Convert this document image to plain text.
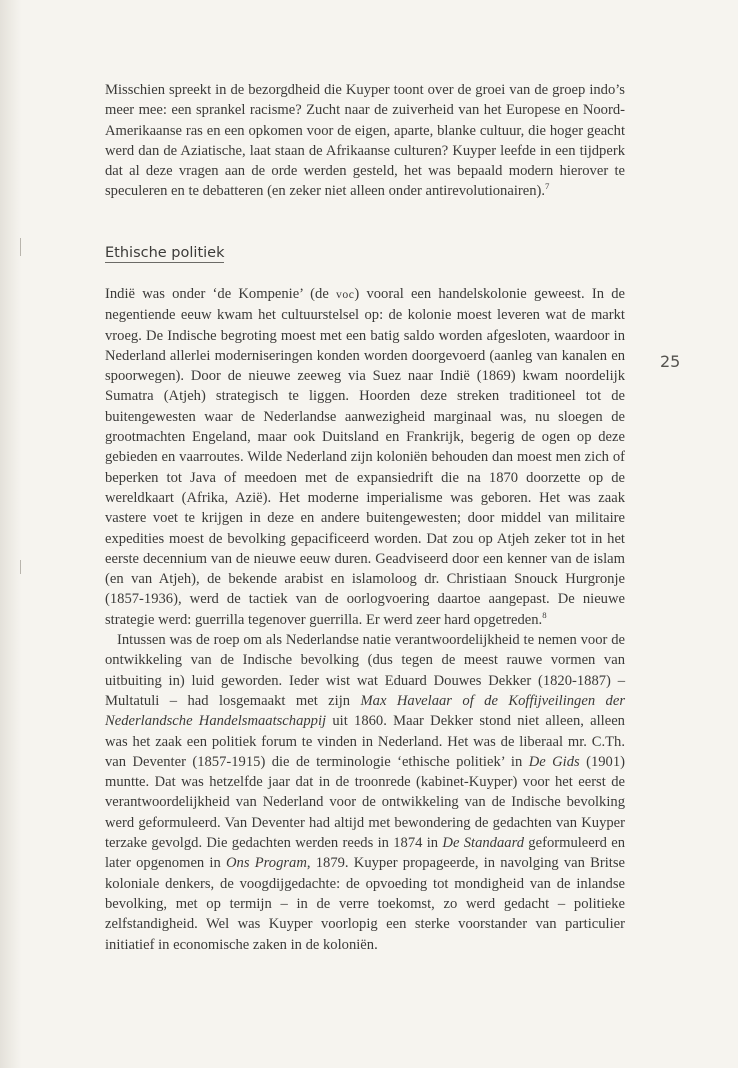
Misschien spreekt in de bezorgdheid die Kuyper toont over de groei van de groep indo’s meer mee: een sprankel racisme? Zucht naar de zuiverheid van het Europese en Noord-Amerikaanse ras en een opkomen voor de eigen, aparte, blanke cultuur, die hoger geacht werd dan de Aziatische, laat staan de Afrikaanse culturen? Kuyper leefde in een tijdperk dat al deze vragen aan de orde werden gesteld, het was bepaald modern hierover te speculeren en te debatteren (en zeker niet alleen onder antirevolutionairen).$^7$

Ethische politiek
25

Indië was onder ‘de Kompenie’ (de voc) vooral een handelskolonie geweest. In de negentiende eeuw kwam het cultuurstelsel op: de kolonie moest leveren wat de markt vroeg. De Indische begroting moest met een batig saldo worden afgesloten, waardoor in Nederland allerlei moderniseringen konden worden doorgevoerd (aanleg van kanalen en spoorwegen). Door de nieuwe zeeweg via Suez naar Indië (1869) kwam noordelijk Sumatra (Atjeh) strategisch te liggen. Hoorden deze streken traditioneel tot de buitengewesten waar de Nederlandse aanwezigheid marginaal was, nu sloegen de grootmachten Engeland, maar ook Duitsland en Frankrijk, begerig de ogen op deze gebieden en vaarroutes. Wilde Nederland zijn koloniën behouden dan moest men zich of beperken tot Java of meedoen met de expansiedrift die na 1870 doorzette op de wereldkaart (Afrika, Azië). Het moderne imperialisme was geboren. Het was zaak vastere voet te krijgen in deze en andere buitengewesten; door middel van militaire expedities moest de bevolking gepacificeerd worden. Dat zou op Atjeh zeker tot in het eerste decennium van de nieuwe eeuw duren. Geadviseerd door een kenner van de islam (en van Atjeh), de bekende arabist en islamoloog dr. Christiaan Snouck Hurgronje (1857-1936), werd de tactiek van de oorlogvoering daartoe aangepast. De nieuwe strategie werd: guerrilla tegenover guerrilla. Er werd zeer hard opgetreden.$^8$

Intussen was de roep om als Nederlandse natie verantwoordelijkheid te nemen voor de ontwikkeling van de Indische bevolking (dus tegen de meest rauwe vormen van uitbuiting in) luid geworden. Ieder wist wat Eduard Douwes Dekker (1820-1887) – Multatuli – had losgemaakt met zijn Max Havelaar of de Koffijveilingen der Nederlandsche Handelsmaatschappij uit 1860. Maar Dekker stond niet alleen, alleen was het zaak een politiek forum te vinden in Nederland. Het was de liberaal mr. C.Th. van Deventer (1857-1915) die de terminologie ‘ethische politiek’ in De Gids (1901) muntte. Dat was hetzelfde jaar dat in de troonrede (kabinet-Kuyper) voor het eerst de verantwoordelijkheid van Nederland voor de ontwikkeling van de Indische bevolking werd geformuleerd. Van Deventer had altijd met bewondering de gedachten van Kuyper terzake gevolgd. Die gedachten werden reeds in 1874 in De Standaard geformuleerd en later opgenomen in Ons Program, 1879. Kuyper propageerde, in navolging van Britse koloniale denkers, de voogdijgedachte: de opvoeding tot mondigheid van de inlandse bevolking, met op termijn – in de verre toekomst, zo werd gedacht – politieke zelfstandigheid. Wel was Kuyper voorlopig een sterke voorstander van particulier initiatief in economische zaken in de koloniën.
